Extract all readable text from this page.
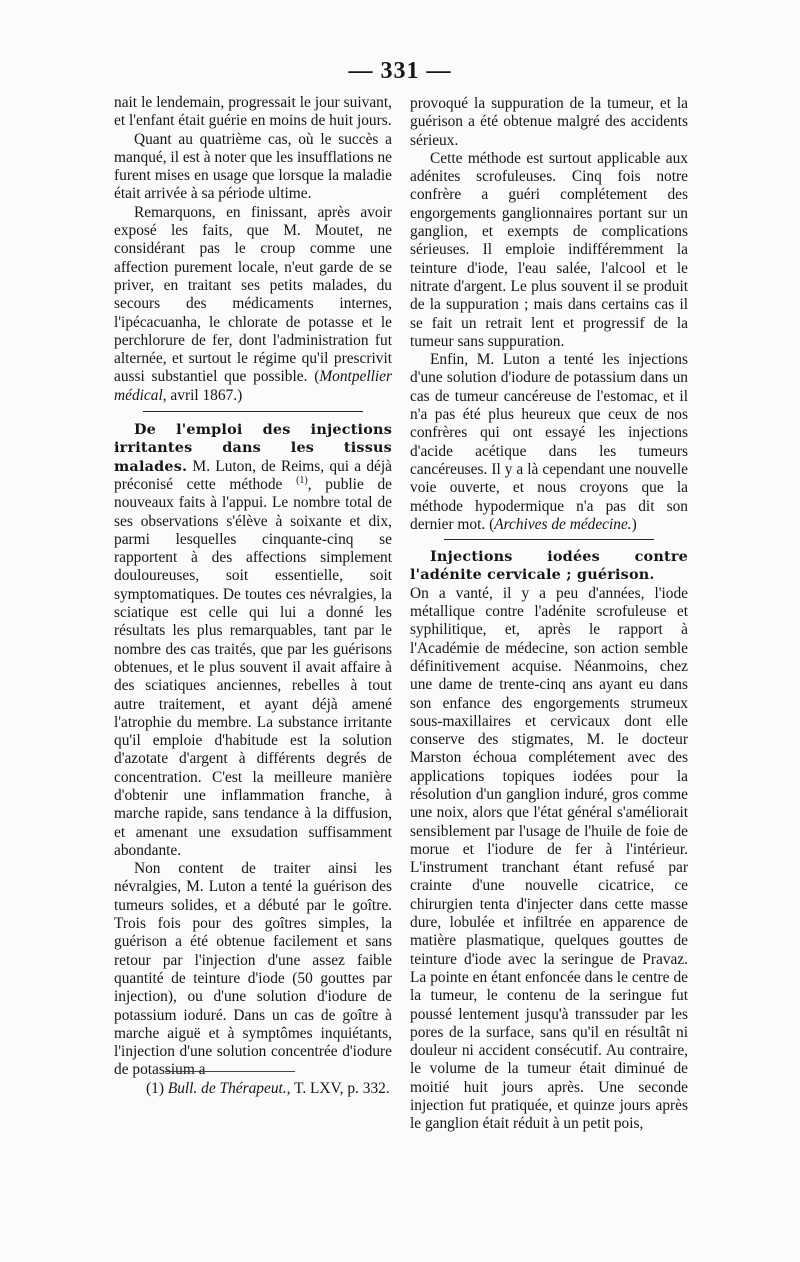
— 331 —

nait le lendemain, progressait le jour suivant, et l'enfant était guérie en moins de huit jours.

Quant au quatrième cas, où le succès a manqué, il est à noter que les insufflations ne furent mises en usage que lorsque la maladie était arrivée à sa période ultime.

Remarquons, en finissant, après avoir exposé les faits, que M. Moutet, ne considérant pas le croup comme une affection purement locale, n'eut garde de se priver, en traitant ses petits malades, du secours des médicaments internes, l'ipécacuanha, le chlorate de potasse et le perchlorure de fer, dont l'administration fut alternée, et surtout le régime qu'il prescrivit aussi substantiel que possible. (Montpellier médical, avril 1867.)

De l'emploi des injections irritantes dans les tissus malades. M. Luton, de Reims, qui a déjà préconisé cette méthode $^{(1)}$, publie de nouveaux faits à l'appui. Le nombre total de ses observations s'élève à soixante et dix, parmi lesquelles cinquante-cinq se rapportent à des affections simplement douloureuses, soit essentielle, soit symptomatiques. De toutes ces névralgies, la sciatique est celle qui lui a donné les résultats les plus remarquables, tant par le nombre des cas traités, que par les guérisons obtenues, et le plus souvent il avait affaire à des sciatiques anciennes, rebelles à tout autre traitement, et ayant déjà amené l'atrophie du membre. La substance irritante qu'il emploie d'habitude est la solution d'azotate d'argent à différents degrés de concentration. C'est la meilleure manière d'obtenir une inflammation franche, à marche rapide, sans tendance à la diffusion, et amenant une exsudation suffisamment abondante.

Non content de traiter ainsi les névralgies, M. Luton a tenté la guérison des tumeurs solides, et a débuté par le goître. Trois fois pour des goîtres simples, la guérison a été obtenue facilement et sans retour par l'injection d'une assez faible quantité de teinture d'iode (50 gouttes par injection), ou d'une solution d'iodure de potassium ioduré. Dans un cas de goître à marche aiguë et à symptômes inquiétants, l'injection d'une solution concentrée d'iodure de potassium a

provoqué la suppuration de la tumeur, et la guérison a été obtenue malgré des accidents sérieux.

Cette méthode est surtout applicable aux adénites scrofuleuses. Cinq fois notre confrère a guéri complétement des engorgements ganglionnaires portant sur un ganglion, et exempts de complications sérieuses. Il emploie indifféremment la teinture d'iode, l'eau salée, l'alcool et le nitrate d'argent. Le plus souvent il se produit de la suppuration ; mais dans certains cas il se fait un retrait lent et progressif de la tumeur sans suppuration.

Enfin, M. Luton a tenté les injections d'une solution d'iodure de potassium dans un cas de tumeur cancéreuse de l'estomac, et il n'a pas été plus heureux que ceux de nos confrères qui ont essayé les injections d'acide acétique dans les tumeurs cancéreuses. Il y a là cependant une nouvelle voie ouverte, et nous croyons que la méthode hypodermique n'a pas dit son dernier mot. (Archives de médecine.)

Injections iodées contre l'adénite cervicale ; guérison.

On a vanté, il y a peu d'années, l'iode métallique contre l'adénite scrofuleuse et syphilitique, et, après le rapport à l'Académie de médecine, son action semble définitivement acquise. Néanmoins, chez une dame de trente-cinq ans ayant eu dans son enfance des engorgements strumeux sous-maxillaires et cervicaux dont elle conserve des stigmates, M. le docteur Marston échoua complétement avec des applications topiques iodées pour la résolution d'un ganglion induré, gros comme une noix, alors que l'état général s'améliorait sensiblement par l'usage de l'huile de foie de morue et l'iodure de fer à l'intérieur. L'instrument tranchant étant refusé par crainte d'une nouvelle cicatrice, ce chirurgien tenta d'injecter dans cette masse dure, lobulée et infiltrée en apparence de matière plasmatique, quelques gouttes de teinture d'iode avec la seringue de Pravaz. La pointe en étant enfoncée dans le centre de la tumeur, le contenu de la seringue fut poussé lentement jusqu'à transsuder par les pores de la surface, sans qu'il en résultât ni douleur ni accident consécutif. Au contraire, le volume de la tumeur était diminué de moitié huit jours après. Une seconde injection fut pratiquée, et quinze jours après le ganglion était réduit à un petit pois,

(1) Bull. de Thérapeut., T. LXV, p. 332.
